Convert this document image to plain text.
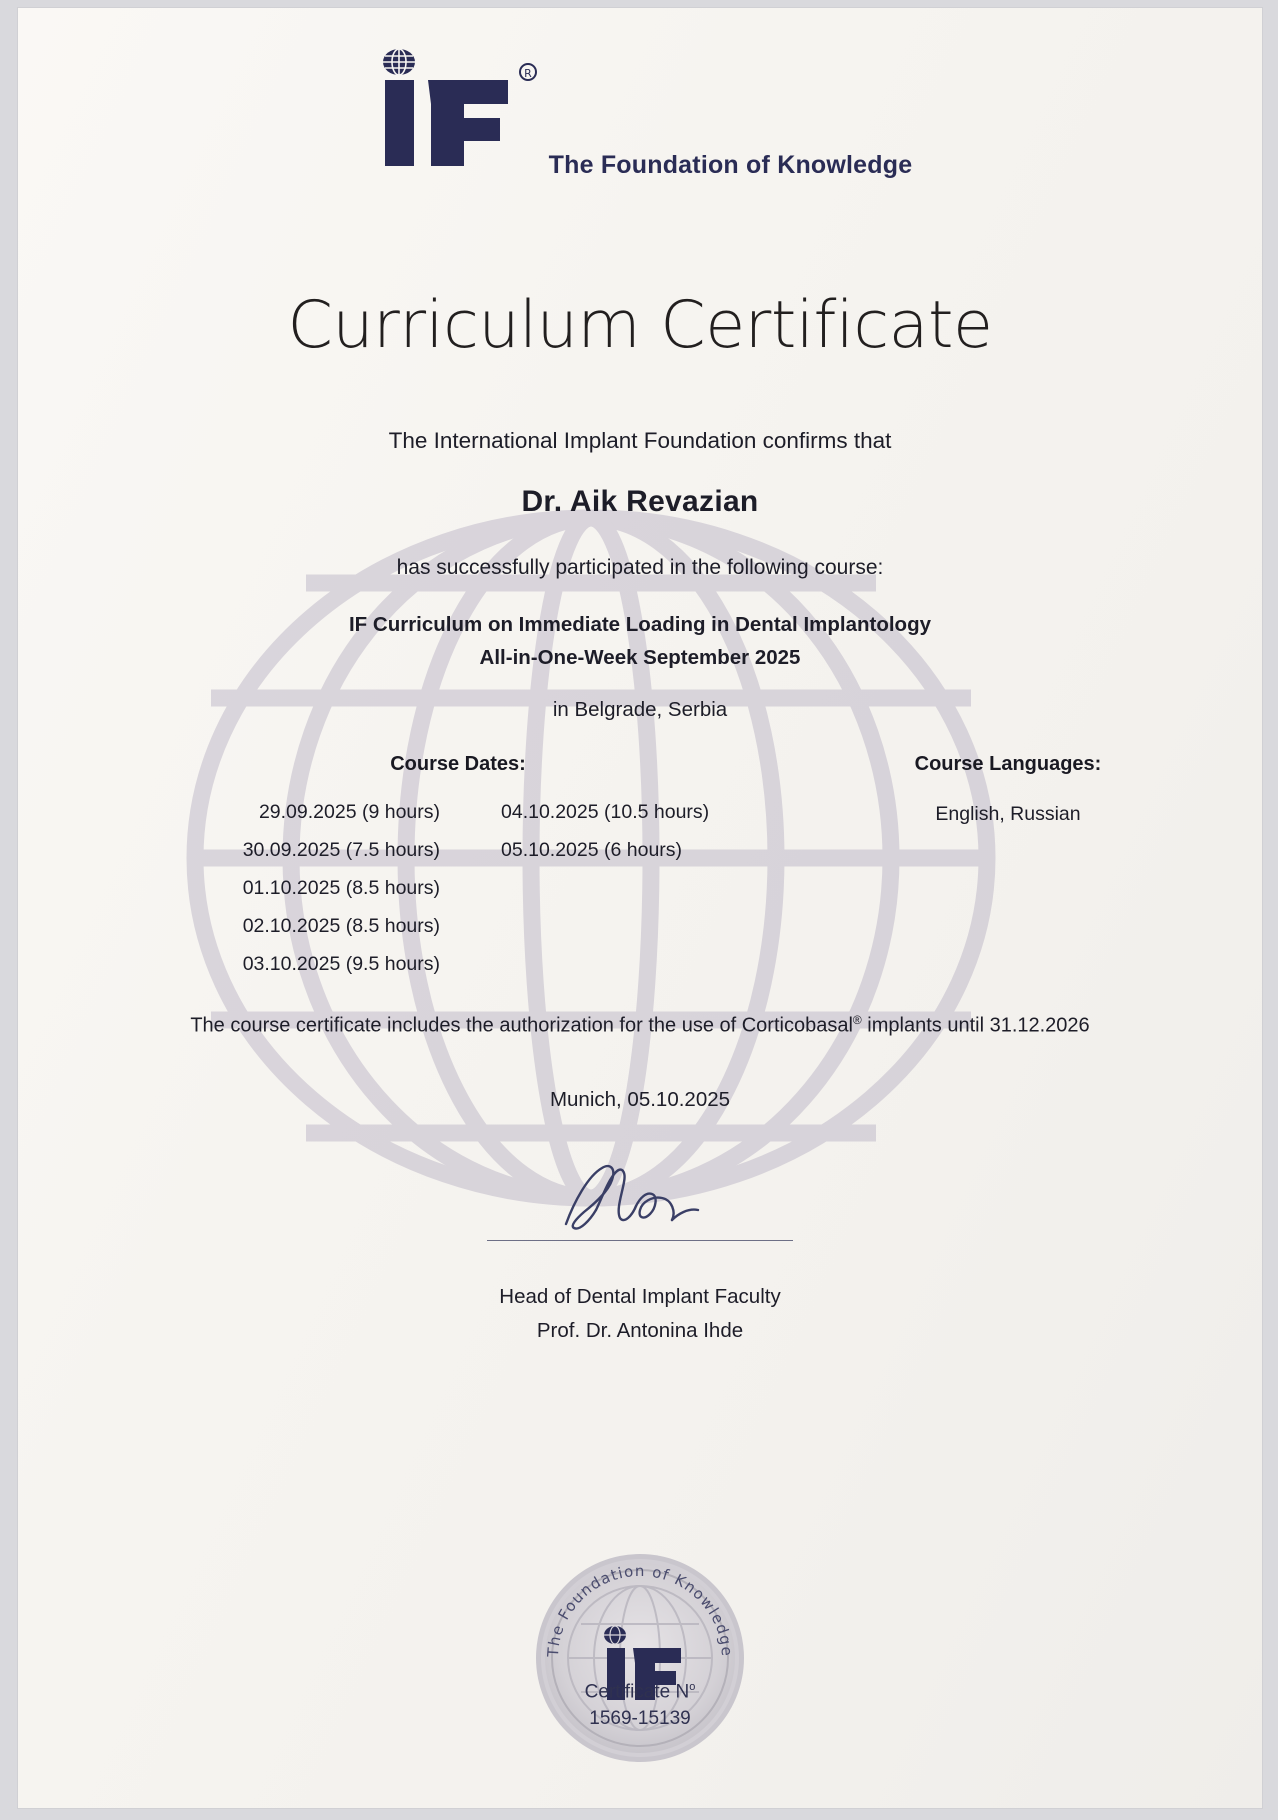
R
The Foundation of Knowledge
Curriculum Certificate
The International Implant Foundation confirms that
Dr. Aik Revazian
has successfully participated in the following course:
IF Curriculum on Immediate Loading in Dental Implantology
All-in-One-Week September 2025
in Belgrade, Serbia
Course Dates:	Course Languages:
English, Russian
29.09.2025 (9 hours)
30.09.2025 (7.5 hours)
01.10.2025 (8.5 hours)
02.10.2025 (8.5 hours)
03.10.2025 (9.5 hours)
04.10.2025 (10.5 hours)
05.10.2025 (6 hours)
The course certificate includes the authorization for the use of Corticobasal® implants until 31.12.2026
Munich, 05.10.2025
Head of Dental Implant Faculty
Prof. Dr. Antonina Ihde
The Foundation of Knowledge
Certificate $N^o$
1569-15139
